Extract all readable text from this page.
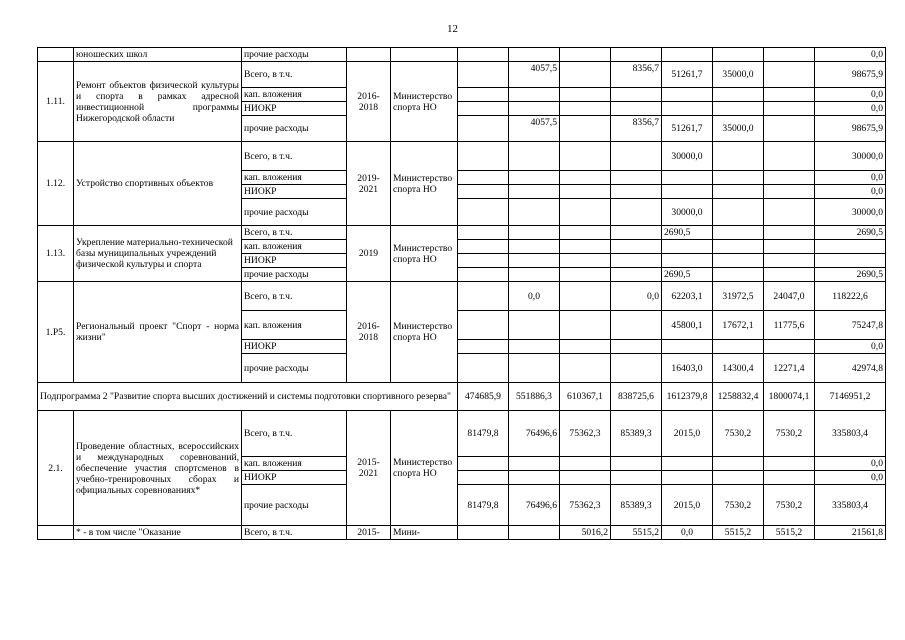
12
	юношеских школ	прочие расходы										0,0
1.11.	Ремонт объектов физической культуры и спорта в рамках адресной инвестиционной программы Нижегородской области	Всего, в т.ч.	2016-2018	Министерство спорта НО		4057,5		8356,7	51261,7	35000,0		98675,9
		кап. вложения										0,0
		НИОКР										0,0
		прочие расходы				4057,5		8356,7	51261,7	35000,0		98675,9
1.12.	Устройство спортивных объектов	Всего, в т.ч.	2019-2021	Министерство спорта НО					30000,0			30000,0
		кап. вложения										0,0
		НИОКР										0,0
		прочие расходы							30000,0			30000,0
1.13.	Укрепление материально-технической базы муниципальных учреждений физической культуры и спорта	Всего, в т.ч.	2019	Министерство спорта НО					2690,5			2690,5
		кап. вложения										
		НИОКР										
		прочие расходы							2690,5			2690,5
1.Р5.	Региональный проект "Спорт - норма жизни"	Всего, в т.ч.	2016-2018	Министерство спорта НО		0,0		0,0	62203,1	31972,5	24047,0	118222,6
		кап. вложения							45800,1	17672,1	11775,6	75247,8
		НИОКР										0,0
		прочие расходы							16403,0	14300,4	12271,4	42974,8
Подпрограмма 2 "Развитие спорта высших достижений и системы подготовки спортивного резерва"					474685,9	551886,3	610367,1	838725,6	1612379,8	1258832,4	1800074,1	7146951,2
2.1.	Проведение областных, всероссийских и международных соревнований, обеспечение участия спортсменов в учебно-тренировочных сборах и официальных соревнованиях*	Всего, в т.ч.	2015-2021	Министерство спорта НО	81479,8	76496,6	75362,3	85389,3	2015,0	7530,2	7530,2	335803,4
		кап. вложения										0,0
		НИОКР										0,0
		прочие расходы			81479,8	76496,6	75362,3	85389,3	2015,0	7530,2	7530,2	335803,4
	* - в том числе "Оказание	Всего, в т.ч.	2015-	Мини-			5016,2	5515,2	0,0	5515,2	5515,2	21561,8
